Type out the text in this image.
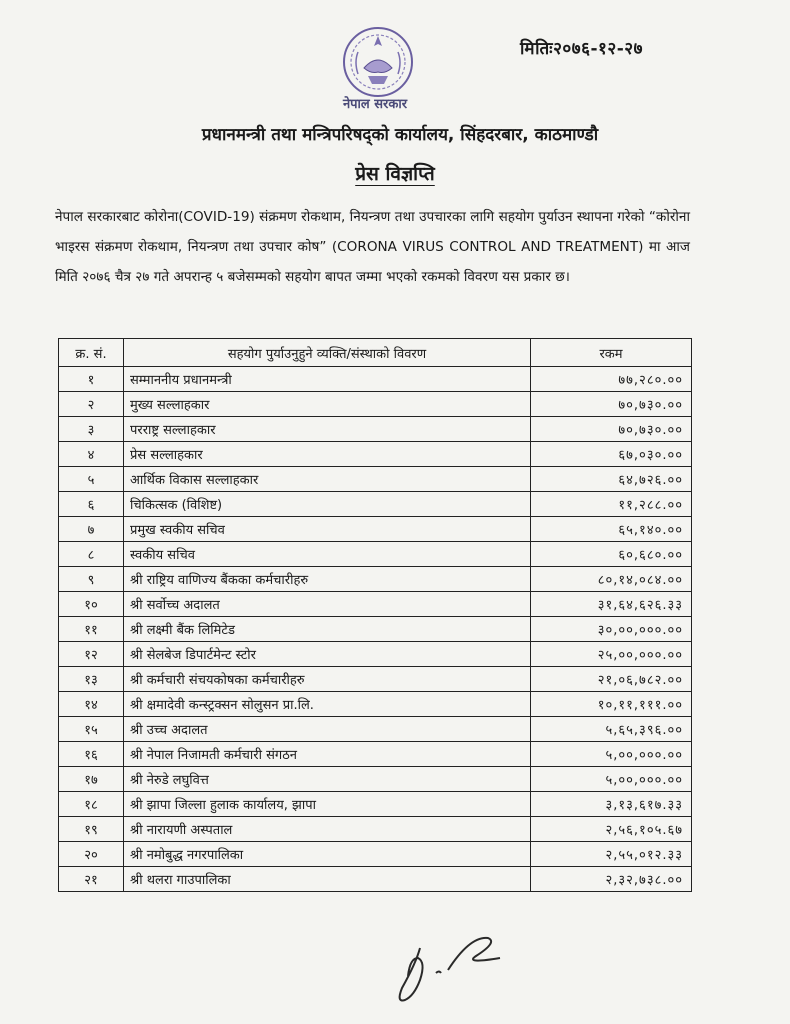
मितिः२०७६-१२-२७
नेपाल सरकार
प्रधानमन्त्री तथा मन्त्रिपरिषद्को कार्यालय, सिंहदरबार, काठमाण्डौ
प्रेस विज्ञप्ति
नेपाल सरकारबाट कोरोना(COVID-19) संक्रमण रोकथाम, नियन्त्रण तथा उपचारका लागि सहयोग पुर्याउन स्थापना गरेको “कोरोना भाइरस संक्रमण रोकथाम, नियन्त्रण तथा उपचार कोष” (CORONA VIRUS CONTROL AND TREATMENT) मा आज मिति २०७६ चैत्र २७ गते अपरान्ह ५ बजेसम्मको सहयोग बापत जम्मा भएको रकमको विवरण यस प्रकार छ।
क्र. सं.	सहयोग पुर्याउनुहुने व्यक्ति/संस्थाको विवरण	रकम
१	सम्माननीय प्रधानमन्त्री	७७,२८०.००
२	मुख्य सल्लाहकार	७०,७३०.००
३	परराष्ट्र सल्लाहकार	७०,७३०.००
४	प्रेस सल्लाहकार	६७,०३०.००
५	आर्थिक विकास सल्लाहकार	६४,७२६.००
६	चिकित्सक (विशिष्ट)	११,२८८.००
७	प्रमुख स्वकीय सचिव	६५,१४०.००
८	स्वकीय सचिव	६०,६८०.००
९	श्री राष्ट्रिय वाणिज्य बैंकका कर्मचारीहरु	८०,१४,०८४.००
१०	श्री सर्वोच्च अदालत	३१,६४,६२६.३३
११	श्री लक्ष्मी बैंक लिमिटेड	३०,००,०००.००
१२	श्री सेलबेज डिपार्टमेन्ट स्टोर	२५,००,०००.००
१३	श्री कर्मचारी संचयकोषका कर्मचारीहरु	२१,०६,७८२.००
१४	श्री क्षमादेवी कन्स्ट्रक्सन सोलुसन प्रा.लि.	१०,११,१११.००
१५	श्री उच्च अदालत	५,६५,३९६.००
१६	श्री नेपाल निजामती कर्मचारी संगठन	५,००,०००.००
१७	श्री नेरुडे लघुवित्त	५,००,०००.००
१८	श्री झापा जिल्ला हुलाक कार्यालय, झापा	३,१३,६१७.३३
१९	श्री नारायणी अस्पताल	२,५६,१०५.६७
२०	श्री नमोबुद्ध नगरपालिका	२,५५,०१२.३३
२१	श्री थलरा गाउपालिका	२,३२,७३८.००
